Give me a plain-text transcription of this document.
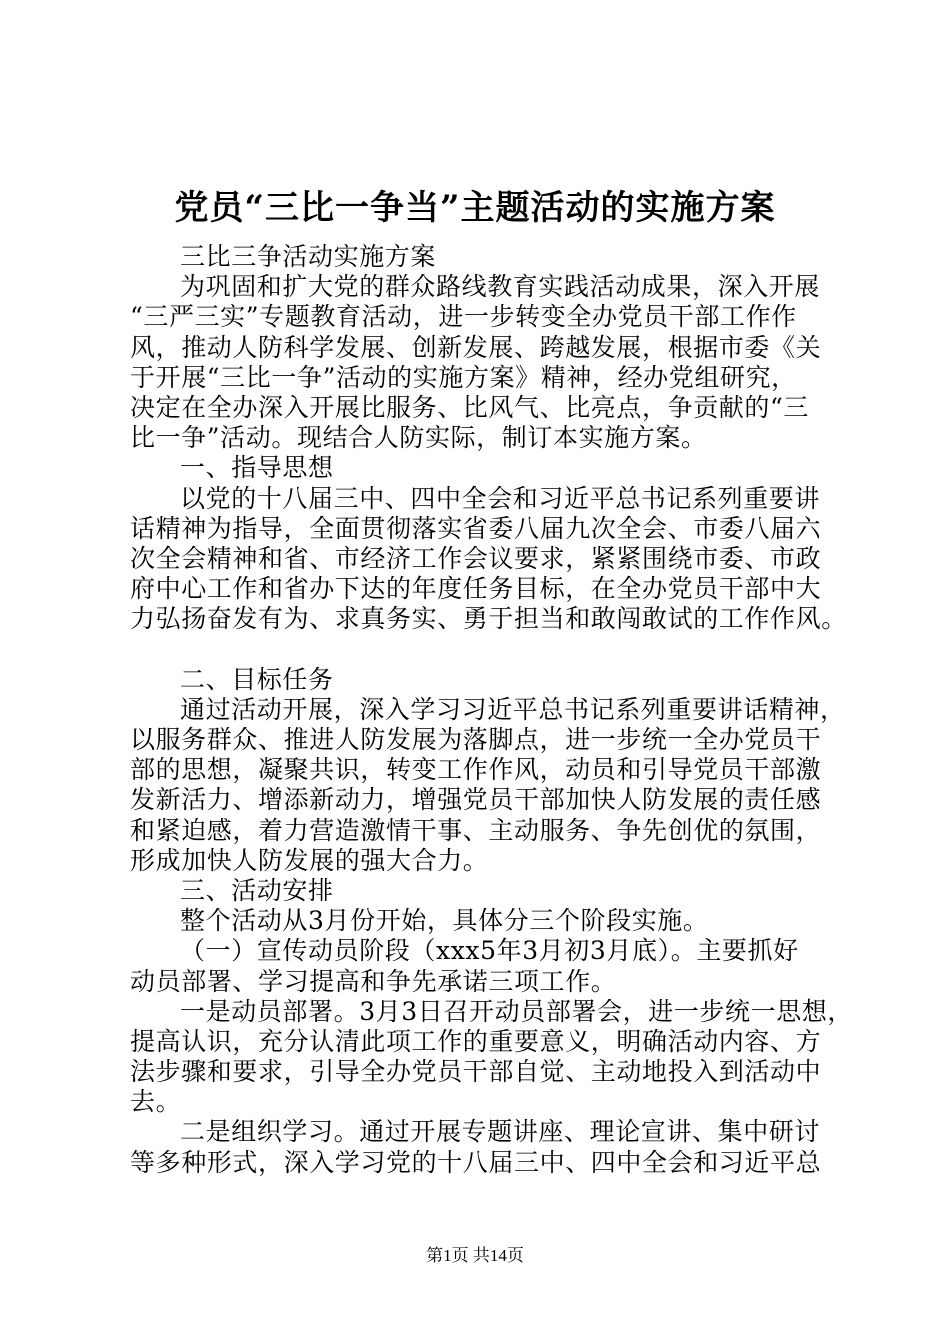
党员“三比一争当”主题活动的实施方案
三比三争活动实施方案
为巩固和扩大党的群众路线教育实践活动成果，深入开展
“三严三实”专题教育活动，进一步转变全办党员干部工作作
风，推动人防科学发展、创新发展、跨越发展，根据市委《关
于开展“三比一争”活动的实施方案》精神，经办党组研究，
决定在全办深入开展比服务、比风气、比亮点，争贡献的“三
比一争”活动。现结合人防实际，制订本实施方案。
一、指导思想
以党的十八届三中、四中全会和习近平总书记系列重要讲
话精神为指导，全面贯彻落实省委八届九次全会、市委八届六
次全会精神和省、市经济工作会议要求，紧紧围绕市委、市政
府中心工作和省办下达的年度任务目标，在全办党员干部中大
力弘扬奋发有为、求真务实、勇于担当和敢闯敢试的工作作风。
二、目标任务
通过活动开展，深入学习习近平总书记系列重要讲话精神，
以服务群众、推进人防发展为落脚点，进一步统一全办党员干
部的思想，凝聚共识，转变工作作风，动员和引导党员干部激
发新活力、增添新动力，增强党员干部加快人防发展的责任感
和紧迫感，着力营造激情干事、主动服务、争先创优的氛围，
形成加快人防发展的强大合力。
三、活动安排
整个活动从3月份开始，具体分三个阶段实施。
（一）宣传动员阶段（xxx5年3月初3月底）。主要抓好
动员部署、学习提高和争先承诺三项工作。
一是动员部署。3月3日召开动员部署会，进一步统一思想，
提高认识，充分认清此项工作的重要意义，明确活动内容、方
法步骤和要求，引导全办党员干部自觉、主动地投入到活动中
去。
二是组织学习。通过开展专题讲座、理论宣讲、集中研讨
等多种形式，深入学习党的十八届三中、四中全会和习近平总
第1页 共14页
